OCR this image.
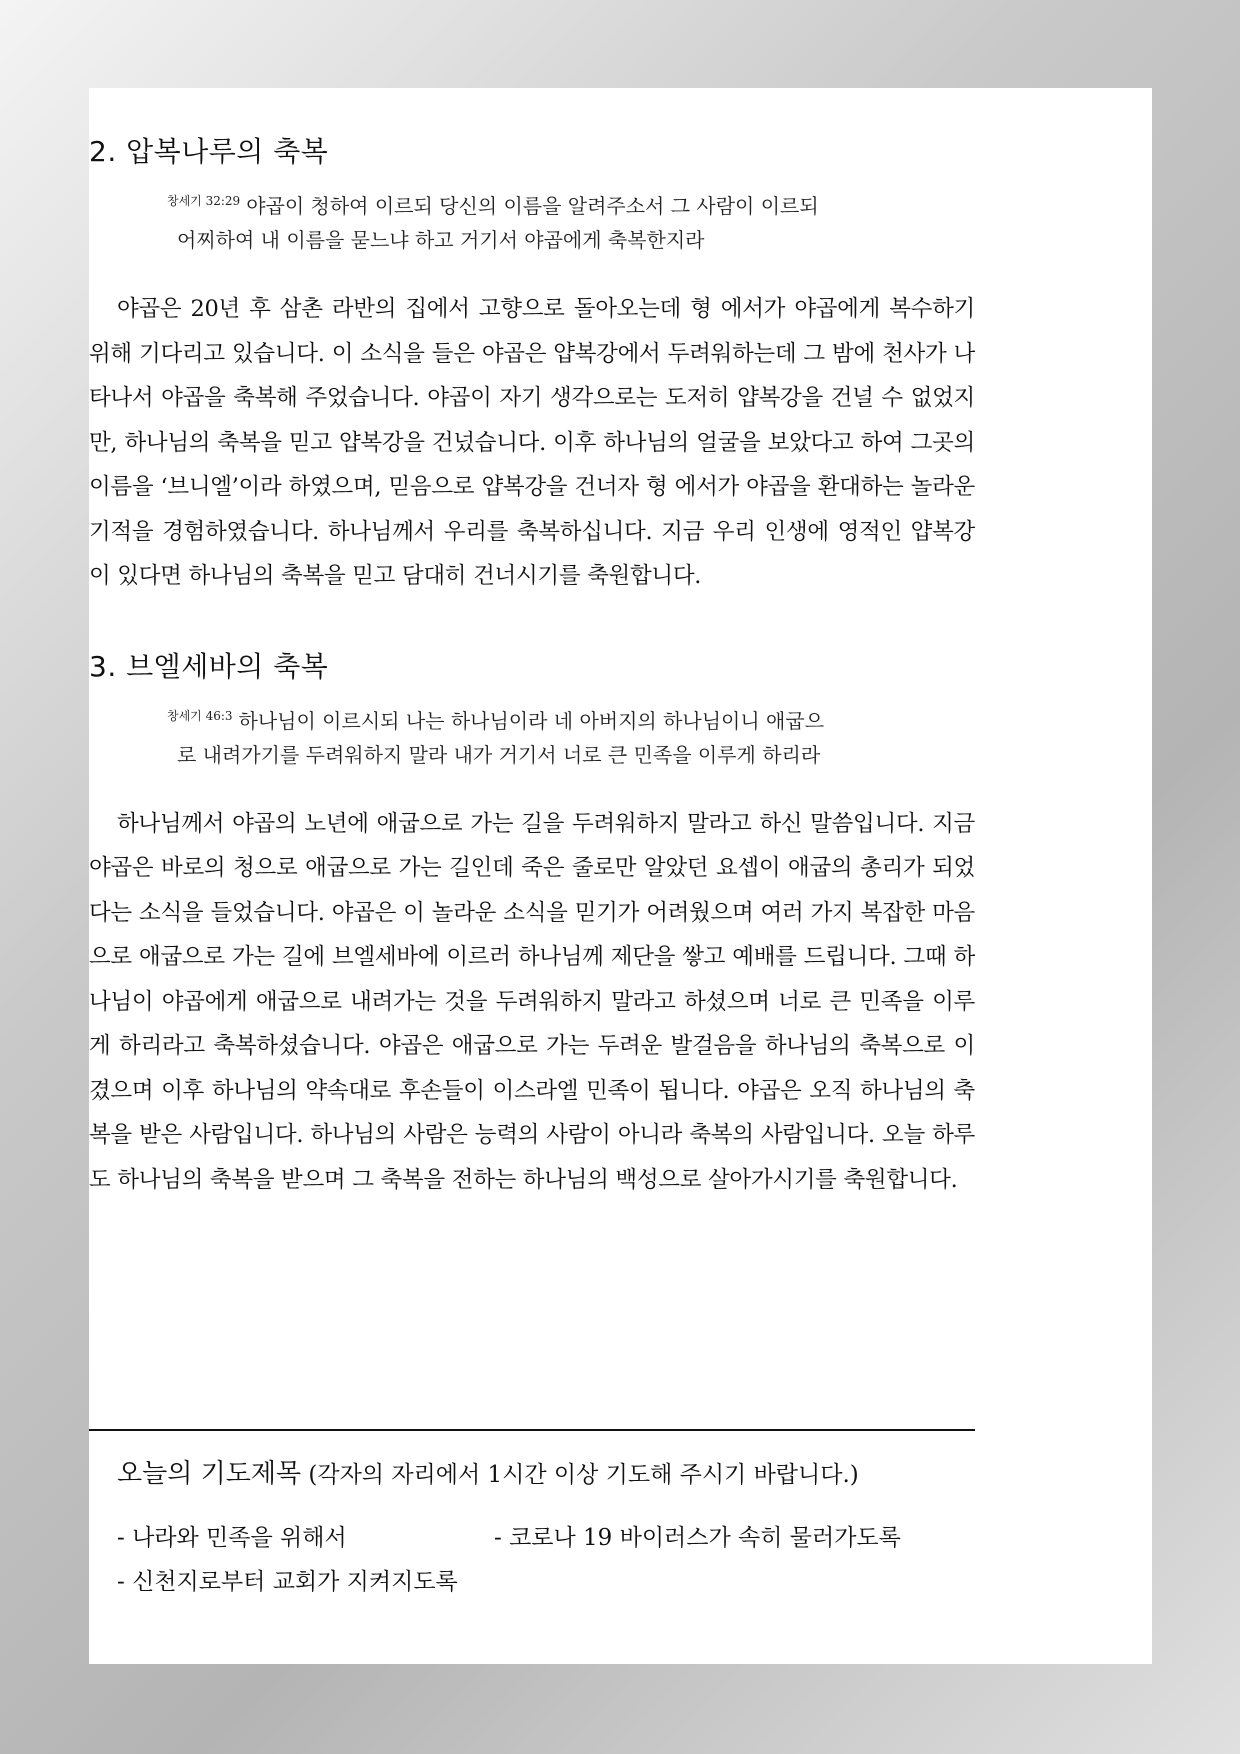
2. 압복나루의 축복

$^{창세기 32:29}$ 야곱이 청하여 이르되 당신의 이름을 알려주소서 그 사람이 이르되
어찌하여 내 이름을 묻느냐 하고 거기서 야곱에게 축복한지라

야곱은 20년 후 삼촌 라반의 집에서 고향으로 돌아오는데 형 에서가 야곱에게 복수하기 위해 기다리고 있습니다. 이 소식을 들은 야곱은 얍복강에서 두려워하는데 그 밤에 천사가 나타나서 야곱을 축복해 주었습니다. 야곱이 자기 생각으로는 도저히 얍복강을 건널 수 없었지만, 하나님의 축복을 믿고 얍복강을 건넜습니다. 이후 하나님의 얼굴을 보았다고 하여 그곳의 이름을 ‘브니엘’이라 하였으며, 믿음으로 얍복강을 건너자 형 에서가 야곱을 환대하는 놀라운 기적을 경험하였습니다. 하나님께서 우리를 축복하십니다. 지금 우리 인생에 영적인 얍복강이 있다면 하나님의 축복을 믿고 담대히 건너시기를 축원합니다.

3. 브엘세바의 축복

$^{창세기 46:3}$ 하나님이 이르시되 나는 하나님이라 네 아버지의 하나님이니 애굽으
로 내려가기를 두려워하지 말라 내가 거기서 너로 큰 민족을 이루게 하리라

하나님께서 야곱의 노년에 애굽으로 가는 길을 두려워하지 말라고 하신 말씀입니다. 지금 야곱은 바로의 청으로 애굽으로 가는 길인데 죽은 줄로만 알았던 요셉이 애굽의 총리가 되었다는 소식을 들었습니다. 야곱은 이 놀라운 소식을 믿기가 어려웠으며 여러 가지 복잡한 마음으로 애굽으로 가는 길에 브엘세바에 이르러 하나님께 제단을 쌓고 예배를 드립니다. 그때 하나님이 야곱에게 애굽으로 내려가는 것을 두려워하지 말라고 하셨으며 너로 큰 민족을 이루게 하리라고 축복하셨습니다. 야곱은 애굽으로 가는 두려운 발걸음을 하나님의 축복으로 이겼으며 이후 하나님의 약속대로 후손들이 이스라엘 민족이 됩니다. 야곱은 오직 하나님의 축복을 받은 사람입니다. 하나님의 사람은 능력의 사람이 아니라 축복의 사람입니다. 오늘 하루도 하나님의 축복을 받으며 그 축복을 전하는 하나님의 백성으로 살아가시기를 축원합니다.

오늘의 기도제목 (각자의 자리에서 1시간 이상 기도해 주시기 바랍니다.)
- 나라와 민족을 위해서	- 코로나 19 바이러스가 속히 물러가도록
- 신천지로부터 교회가 지켜지도록
